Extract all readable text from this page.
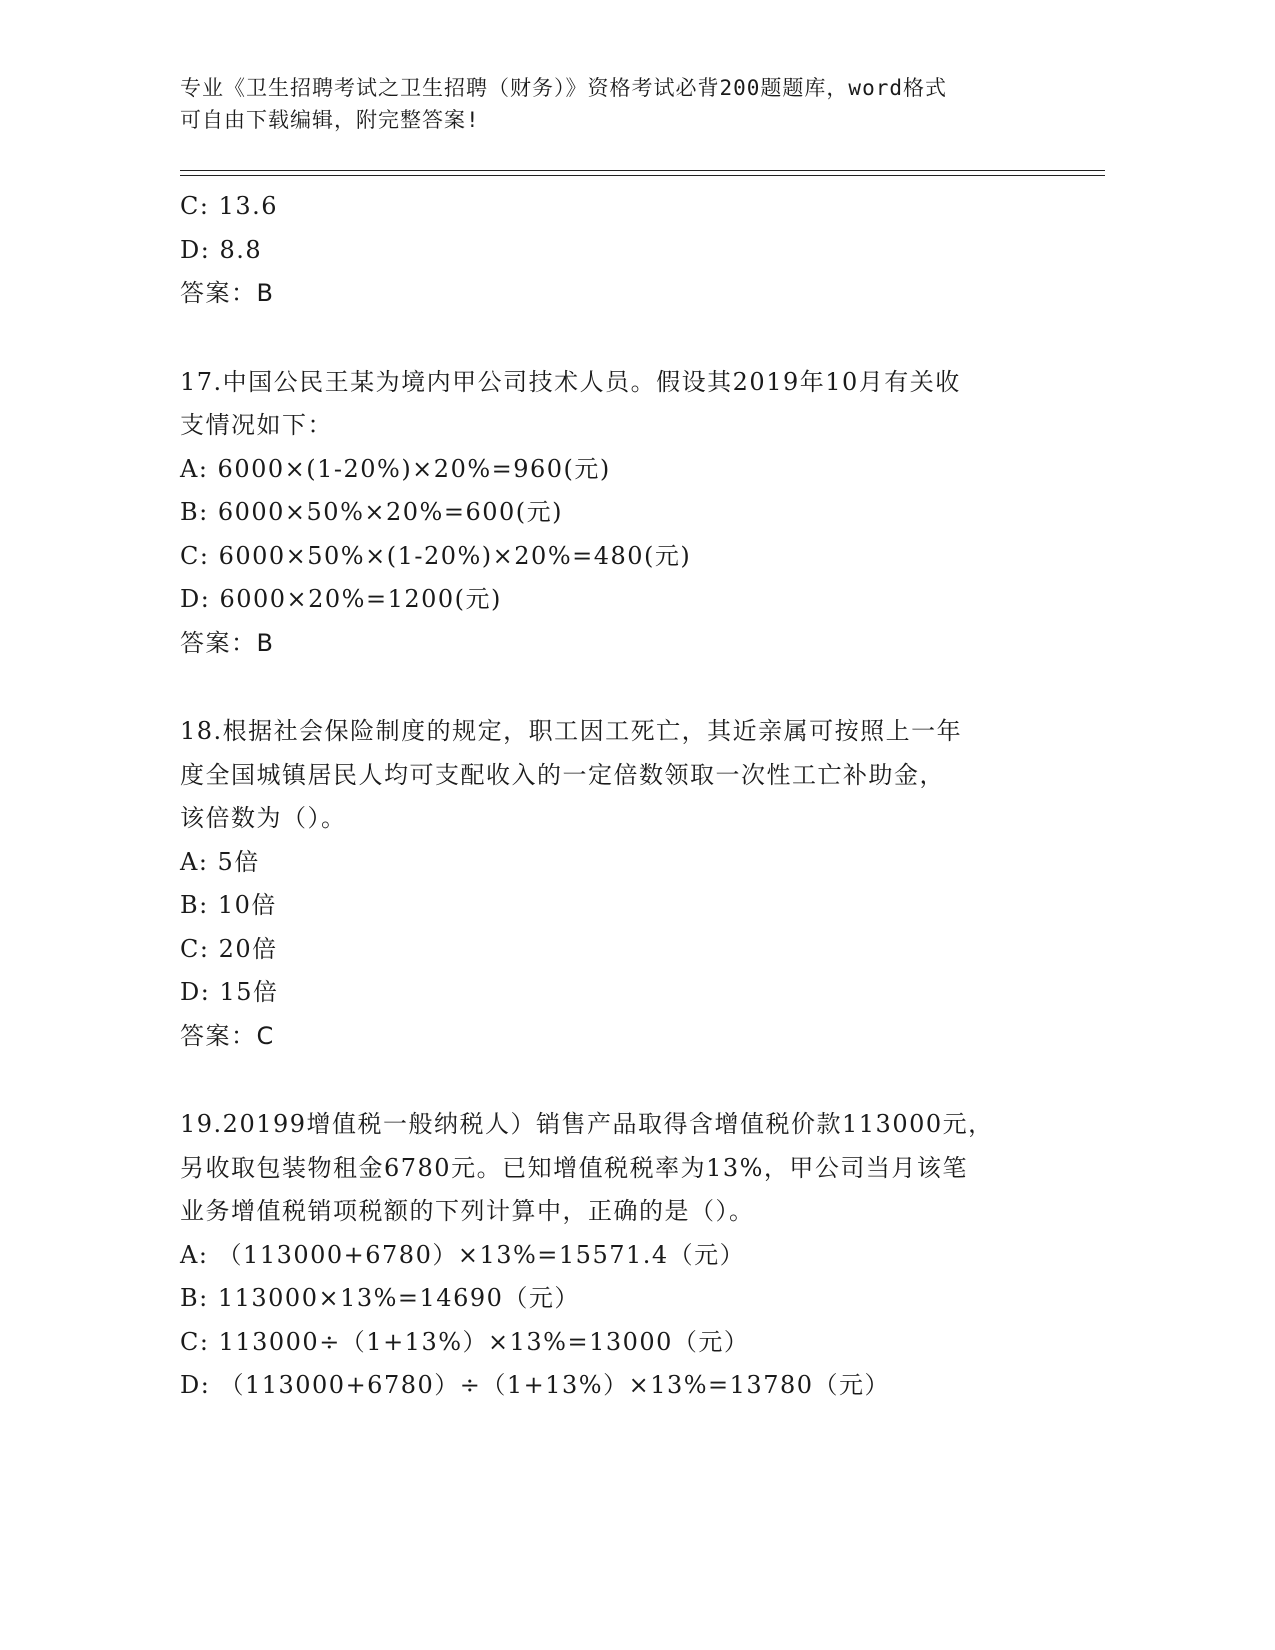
专业《卫生招聘考试之卫生招聘（财务）》资格考试必背200题题库，word格式
可自由下载编辑，附完整答案!
C: 13.6
D: 8.8
答案：B
17.中国公民王某为境内甲公司技术人员。假设其2019年10月有关收
支情况如下：
A: 6000×(1-20%)×20%=960(元)
B: 6000×50%×20%=600(元)
C: 6000×50%×(1-20%)×20%=480(元)
D: 6000×20%=1200(元)
答案：B
18.根据社会保险制度的规定，职工因工死亡，其近亲属可按照上一年
度全国城镇居民人均可支配收入的一定倍数领取一次性工亡补助金，
该倍数为（）。
A: 5倍
B: 10倍
C: 20倍
D: 15倍
答案：C
19.20199增值税一般纳税人）销售产品取得含增值税价款113000元，
另收取包装物租金6780元。已知增值税税率为13%，甲公司当月该笔
业务增值税销项税额的下列计算中，正确的是（）。
A: （113000+6780）×13%=15571.4（元）
B: 113000×13%=14690（元）
C: 113000÷（1+13%）×13%=13000（元）
D: （113000+6780）÷（1+13%）×13%=13780（元）
